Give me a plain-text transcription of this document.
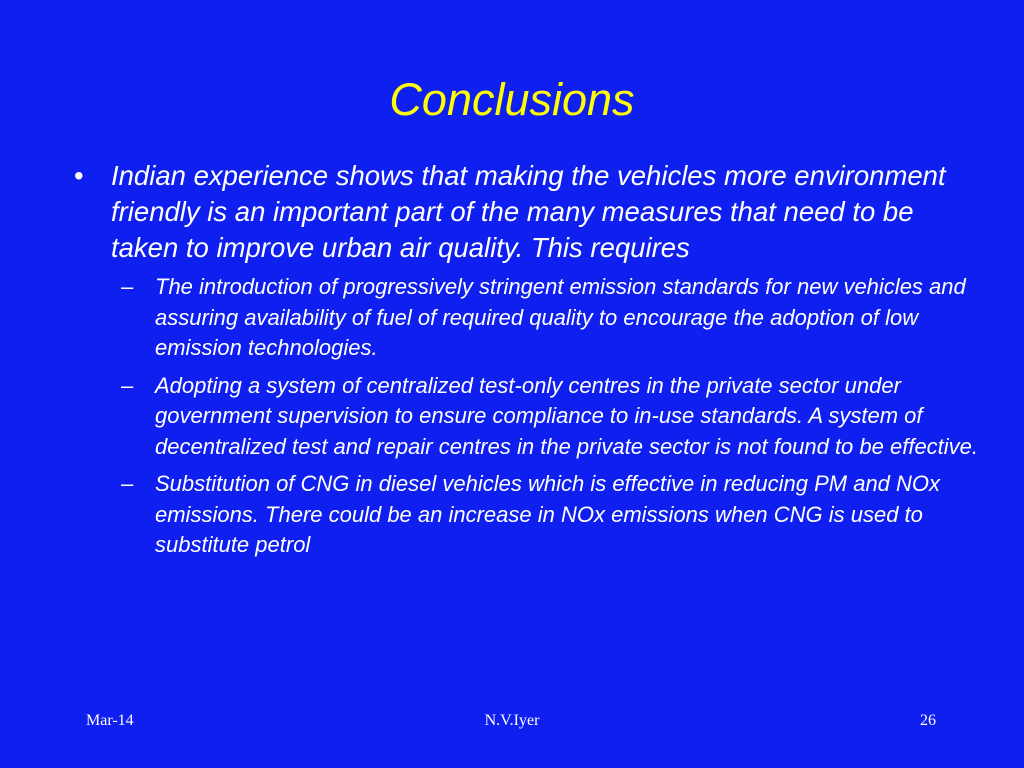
Conclusions
• Indian experience shows that making the vehicles more environment friendly is an important part of the many measures that need to be taken to improve urban air quality. This requires
– The introduction of progressively stringent emission standards for new vehicles and assuring availability of fuel of required quality to encourage the adoption of low emission technologies.
– Adopting a system of centralized test-only centres in the private sector under government supervision to ensure compliance to in-use standards. A system of decentralized test and repair centres in the private sector is not found to be effective.
– Substitution of CNG in diesel vehicles which is effective in reducing PM and NOx emissions. There could be an increase in NOx emissions when CNG is used to substitute petrol
Mar-14	N.V.Iyer	26
